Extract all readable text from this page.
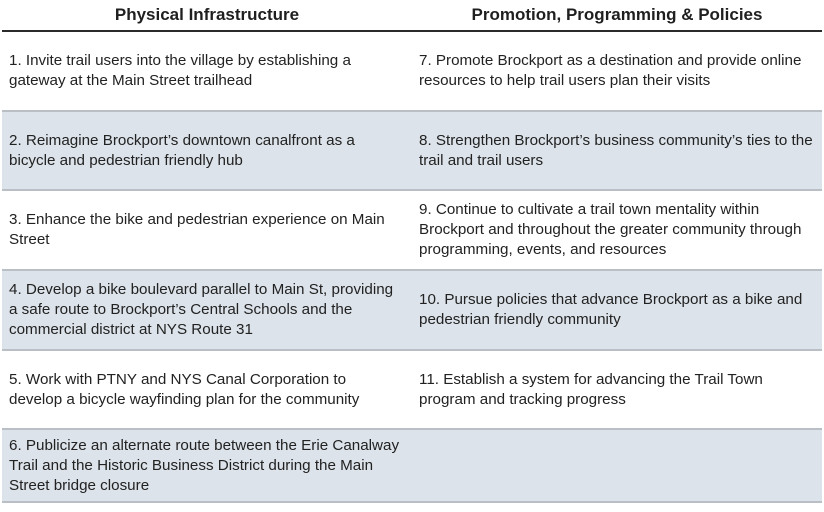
Physical Infrastructure	Promotion, Programming & Policies
1. Invite trail users into the village by establishing a gateway at the Main Street trailhead
7. Promote Brockport as a destination and provide online resources to help trail users plan their visits
2. Reimagine Brockport’s downtown canalfront as a bicycle and pedestrian friendly hub
8. Strengthen Brockport’s business community’s ties to the trail and trail users
3. Enhance the bike and pedestrian experience on Main Street
9. Continue to cultivate a trail town mentality within Brockport and throughout the greater community through programming, events, and resources
4. Develop a bike boulevard parallel to Main St, providing a safe route to Brockport’s Central Schools and the commercial district at NYS Route 31
10. Pursue policies that advance Brockport as a bike and pedestrian friendly community
5. Work with PTNY and NYS Canal Corporation to develop a bicycle wayfinding plan for the community
11. Establish a system for advancing the Trail Town program and tracking progress
6. Publicize an alternate route between the Erie Canalway Trail and the Historic Business District during the Main Street bridge closure
